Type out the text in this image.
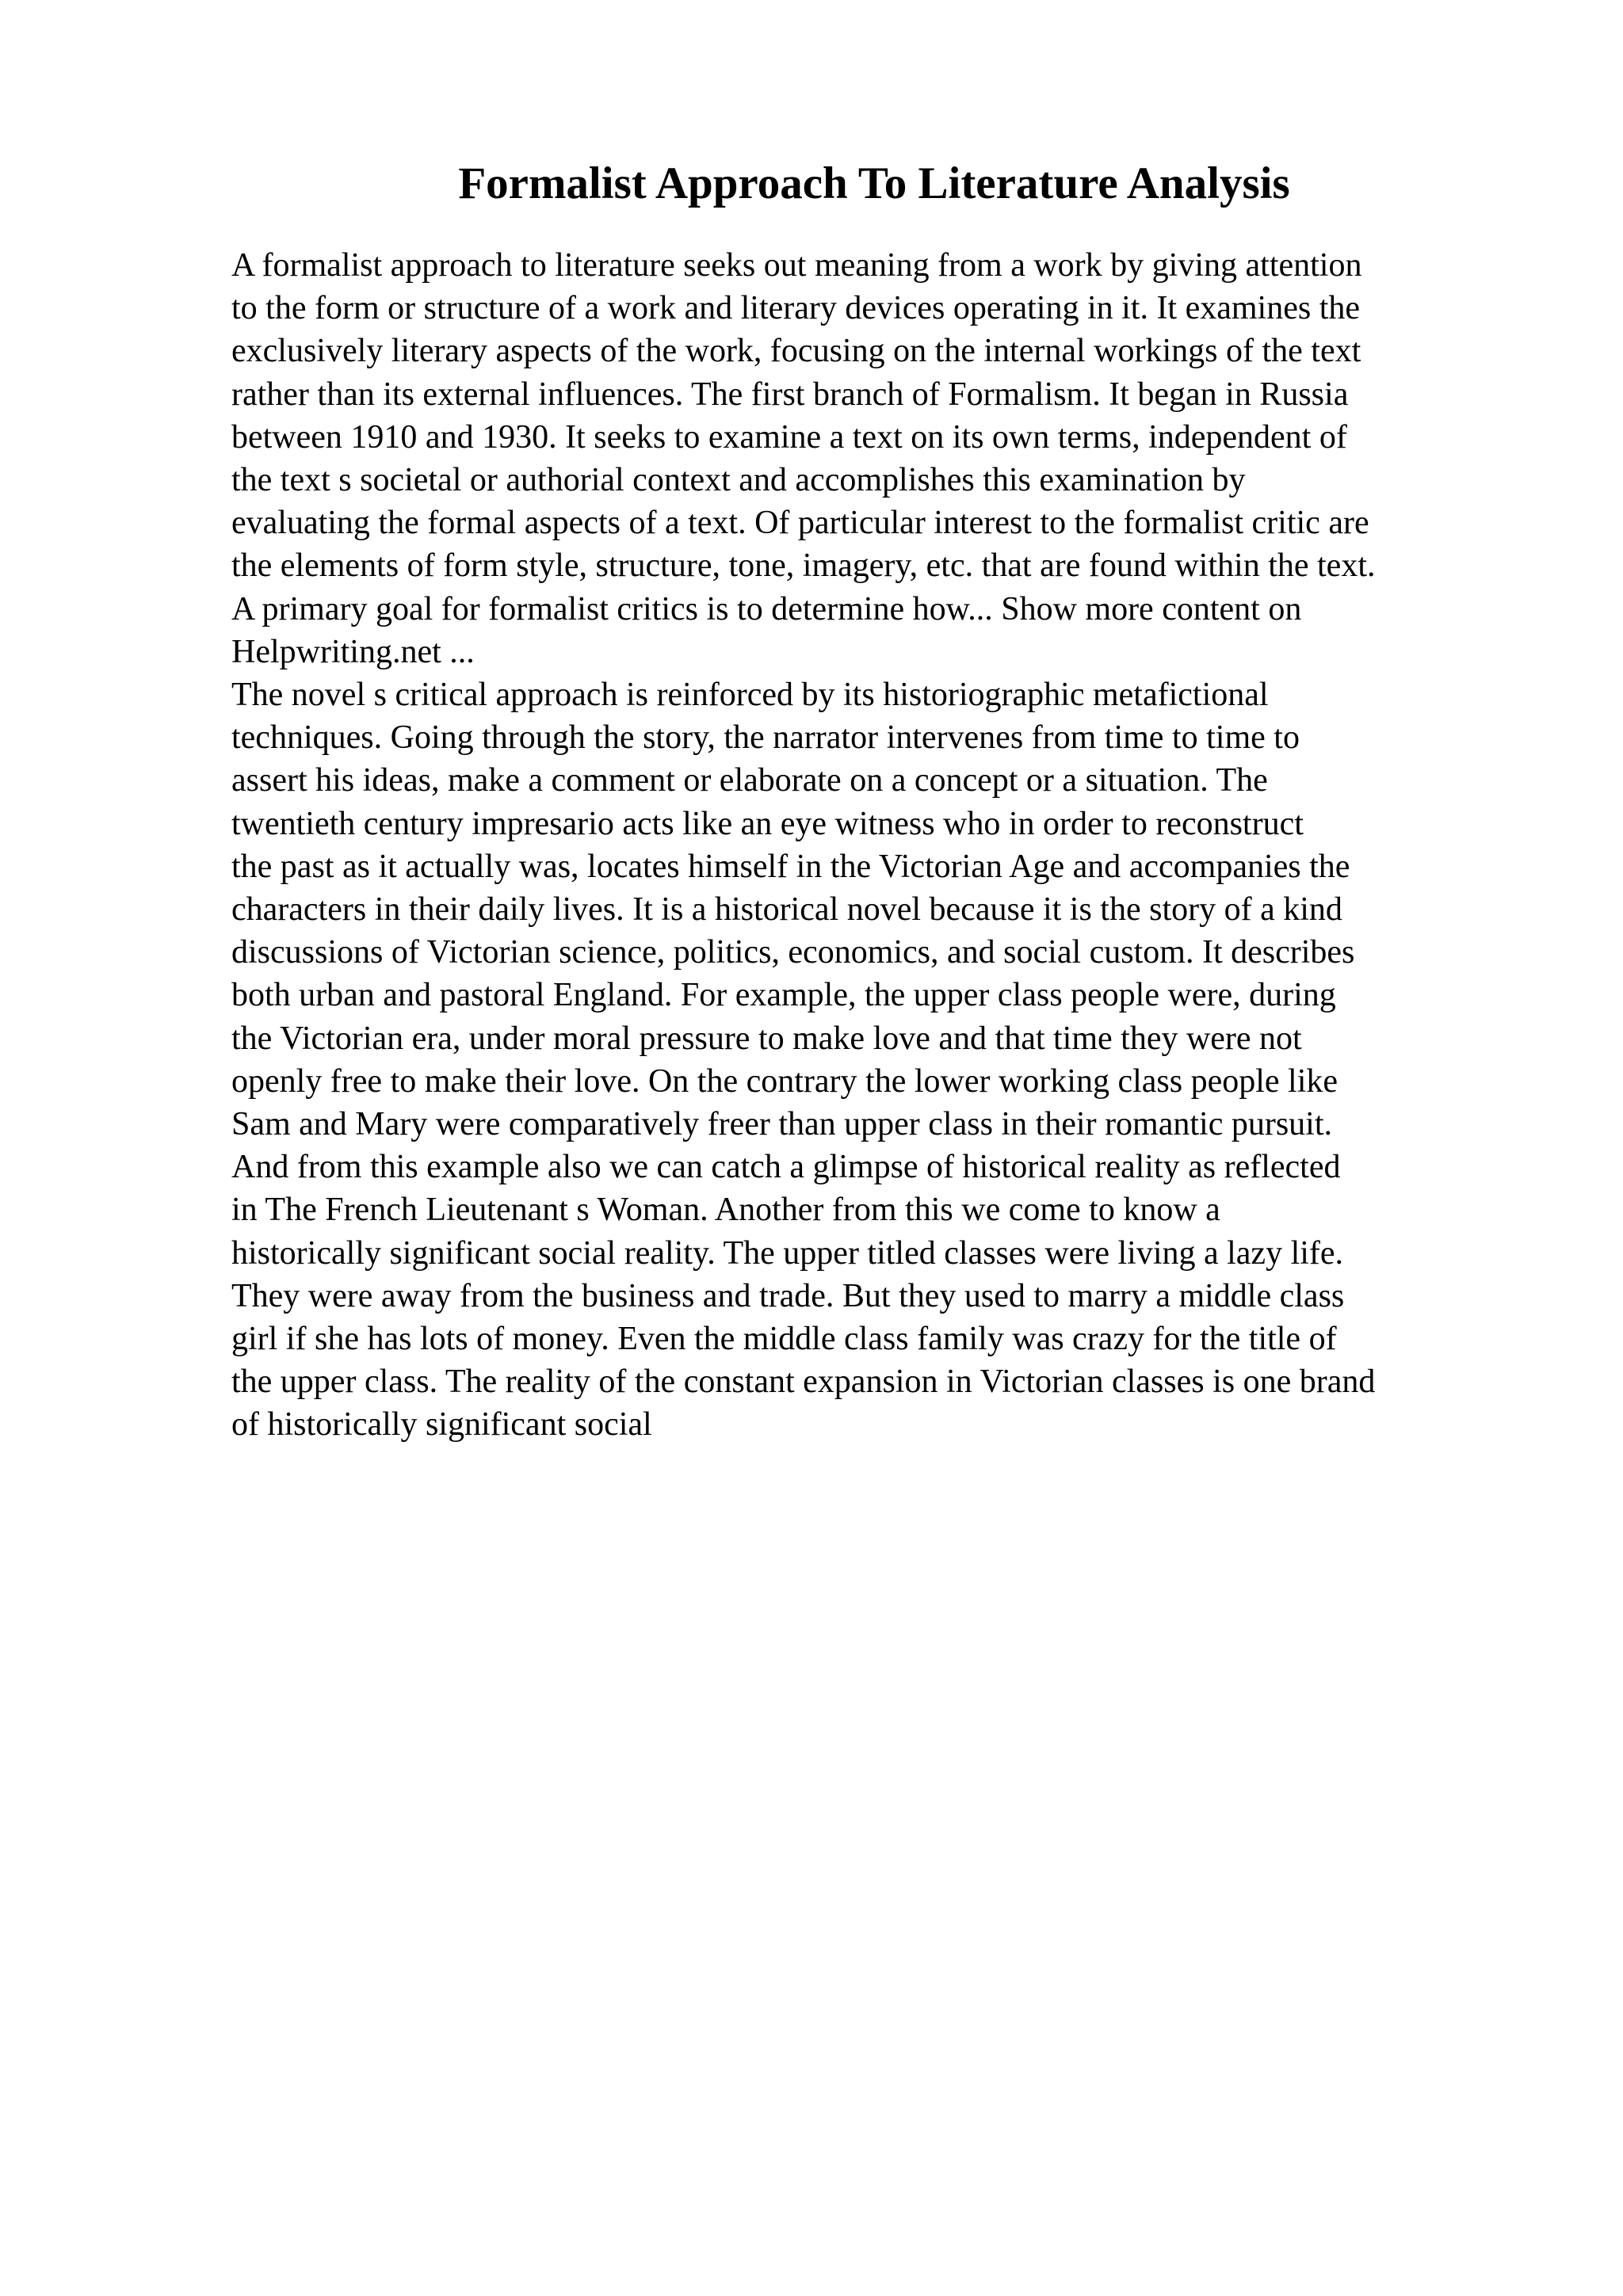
Formalist Approach To Literature Analysis
A formalist approach to literature seeks out meaning from a work by giving attention
to the form or structure of a work and literary devices operating in it. It examines the
exclusively literary aspects of the work, focusing on the internal workings of the text
rather than its external influences. The first branch of Formalism. It began in Russia
between 1910 and 1930. It seeks to examine a text on its own terms, independent of
the text s societal or authorial context and accomplishes this examination by
evaluating the formal aspects of a text. Of particular interest to the formalist critic are
the elements of form style, structure, tone, imagery, etc. that are found within the text.
A primary goal for formalist critics is to determine how... Show more content on
Helpwriting.net ...
The novel s critical approach is reinforced by its historiographic metafictional
techniques. Going through the story, the narrator intervenes from time to time to
assert his ideas, make a comment or elaborate on a concept or a situation. The
twentieth century impresario acts like an eye witness who in order to reconstruct
the past as it actually was, locates himself in the Victorian Age and accompanies the
characters in their daily lives. It is a historical novel because it is the story of a kind
discussions of Victorian science, politics, economics, and social custom. It describes
both urban and pastoral England. For example, the upper class people were, during
the Victorian era, under moral pressure to make love and that time they were not
openly free to make their love. On the contrary the lower working class people like
Sam and Mary were comparatively freer than upper class in their romantic pursuit.
And from this example also we can catch a glimpse of historical reality as reflected
in The French Lieutenant s Woman. Another from this we come to know a
historically significant social reality. The upper titled classes were living a lazy life.
They were away from the business and trade. But they used to marry a middle class
girl if she has lots of money. Even the middle class family was crazy for the title of
the upper class. The reality of the constant expansion in Victorian classes is one brand
of historically significant social
